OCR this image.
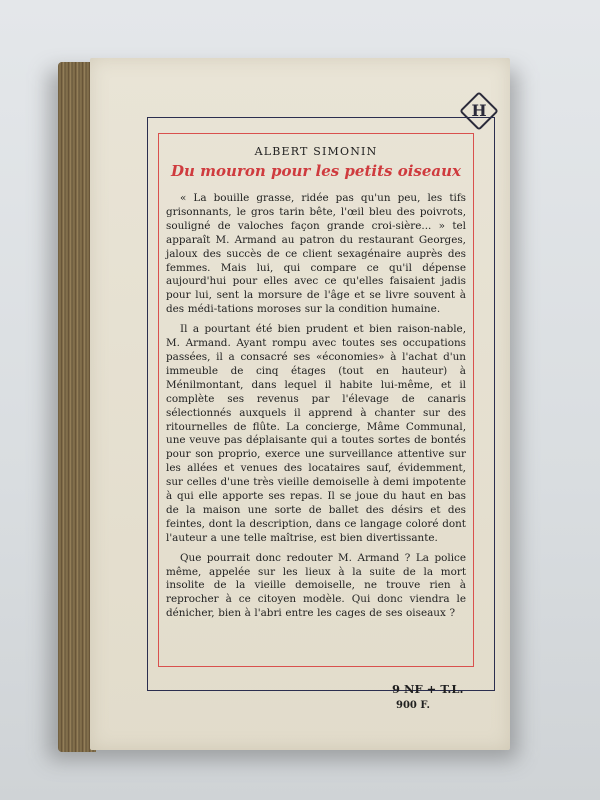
H

ALBERT SIMONIN

Du mouron pour les petits oiseaux

« La bouille grasse, ridée pas qu'un peu, les tifs grisonnants, le gros tarin bête, l'œil bleu des poivrots, souligné de valoches façon grande croi-sière... » tel apparaît M. Armand au patron du restaurant Georges, jaloux des succès de ce client sexagénaire auprès des femmes. Mais lui, qui compare ce qu'il dépense aujourd'hui pour elles avec ce qu'elles faisaient jadis pour lui, sent la morsure de l'âge et se livre souvent à des médi-tations moroses sur la condition humaine.

Il a pourtant été bien prudent et bien raison-nable, M. Armand. Ayant rompu avec toutes ses occupations passées, il a consacré ses «économies» à l'achat d'un immeuble de cinq étages (tout en hauteur) à Ménilmontant, dans lequel il habite lui-même, et il complète ses revenus par l'élevage de canaris sélectionnés auxquels il apprend à chanter sur des ritournelles de flûte. La concierge, Mâme Communal, une veuve pas déplaisante qui a toutes sortes de bontés pour son proprio, exerce une surveillance attentive sur les allées et venues des locataires sauf, évidemment, sur celles d'une très vieille demoiselle à demi impotente à qui elle apporte ses repas. Il se joue du haut en bas de la maison une sorte de ballet des désirs et des feintes, dont la description, dans ce langage coloré dont l'auteur a une telle maîtrise, est bien divertissante.

Que pourrait donc redouter M. Armand ? La police même, appelée sur les lieux à la suite de la mort insolite de la vieille demoiselle, ne trouve rien à reprocher à ce citoyen modèle. Qui donc viendra le dénicher, bien à l'abri entre les cages de ses oiseaux ?

9 NF + T.L.
900 F.
